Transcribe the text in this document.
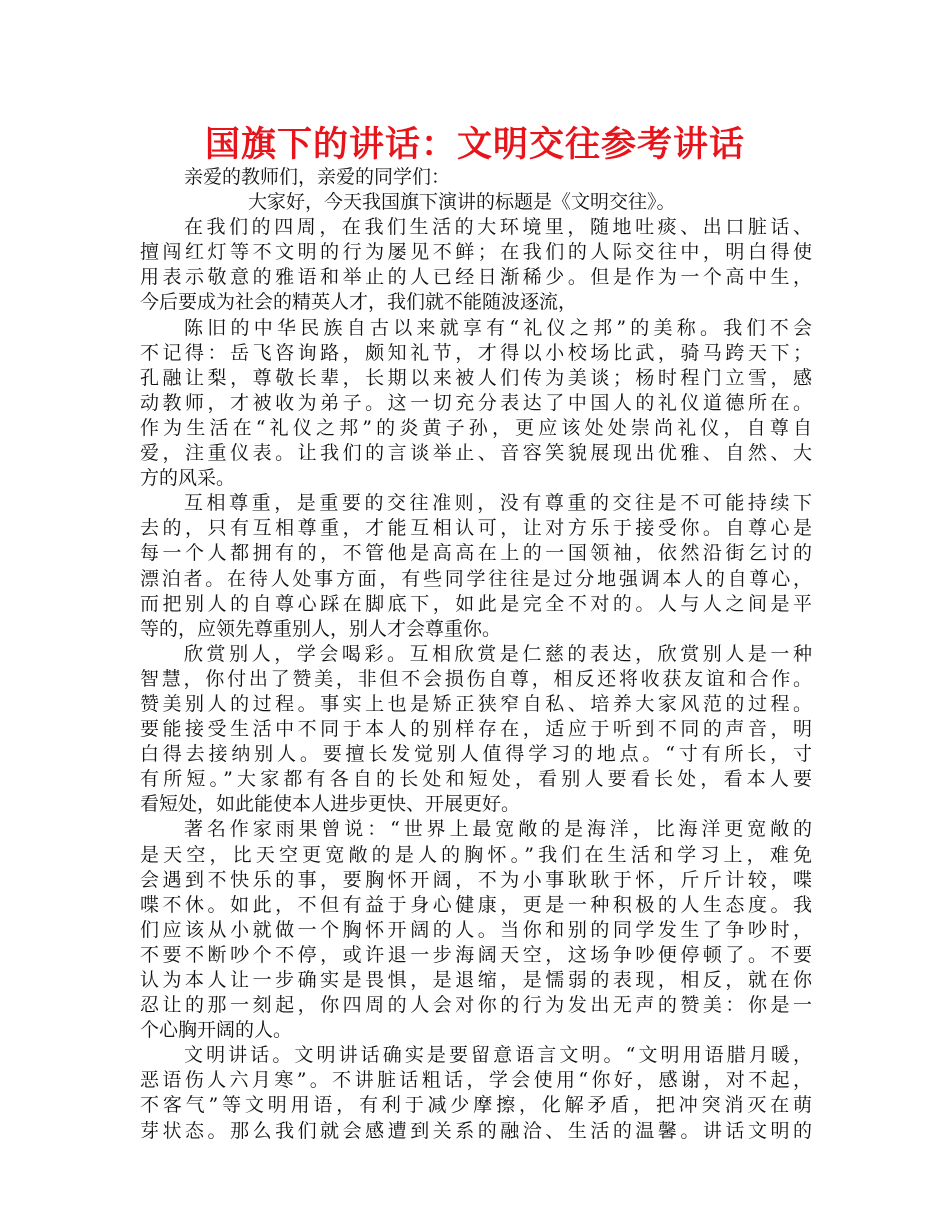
国旗下的讲话：文明交往参考讲话
亲爱的教师们，亲爱的同学们：
大家好，今天我国旗下演讲的标题是《文明交往》。
在我们的四周，在我们生活的大环境里，随地吐痰、出口脏话、
擅闯红灯等不文明的行为屡见不鲜；在我们的人际交往中，明白得使
用表示敬意的雅语和举止的人已经日渐稀少。但是作为一个高中生，
今后要成为社会的精英人才，我们就不能随波逐流，
陈旧的中华民族自古以来就享有“礼仪之邦”的美称。我们不会
不记得：岳飞咨询路，颇知礼节，才得以小校场比武，骑马跨天下；
孔融让梨，尊敬长辈，长期以来被人们传为美谈；杨时程门立雪，感
动教师，才被收为弟子。这一切充分表达了中国人的礼仪道德所在。
作为生活在“礼仪之邦”的炎黄子孙，更应该处处崇尚礼仪，自尊自
爱，注重仪表。让我们的言谈举止、音容笑貌展现出优雅、自然、大
方的风采。
互相尊重，是重要的交往准则，没有尊重的交往是不可能持续下
去的，只有互相尊重，才能互相认可，让对方乐于接受你。自尊心是
每一个人都拥有的，不管他是高高在上的一国领袖，依然沿街乞讨的
漂泊者。在待人处事方面，有些同学往往是过分地强调本人的自尊心，
而把别人的自尊心踩在脚底下，如此是完全不对的。人与人之间是平
等的，应领先尊重别人，别人才会尊重你。
欣赏别人，学会喝彩。互相欣赏是仁慈的表达，欣赏别人是一种
智慧，你付出了赞美，非但不会损伤自尊，相反还将收获友谊和合作。
赞美别人的过程。事实上也是矫正狭窄自私、培养大家风范的过程。
要能接受生活中不同于本人的别样存在，适应于听到不同的声音，明
白得去接纳别人。要擅长发觉别人值得学习的地点。“寸有所长，寸
有所短。”大家都有各自的长处和短处，看别人要看长处，看本人要
看短处，如此能使本人进步更快、开展更好。
著名作家雨果曾说：“世界上最宽敞的是海洋，比海洋更宽敞的
是天空，比天空更宽敞的是人的胸怀。”我们在生活和学习上，难免
会遇到不快乐的事，要胸怀开阔，不为小事耿耿于怀，斤斤计较，喋
喋不休。如此，不但有益于身心健康，更是一种积极的人生态度。我
们应该从小就做一个胸怀开阔的人。当你和别的同学发生了争吵时，
不要不断吵个不停，或许退一步海阔天空，这场争吵便停顿了。不要
认为本人让一步确实是畏惧，是退缩，是懦弱的表现，相反，就在你
忍让的那一刻起，你四周的人会对你的行为发出无声的赞美：你是一
个心胸开阔的人。
文明讲话。文明讲话确实是要留意语言文明。“文明用语腊月暖，
恶语伤人六月寒”。不讲脏话粗话，学会使用“你好，感谢，对不起，
不客气”等文明用语，有利于减少摩擦，化解矛盾，把冲突消灭在萌
芽状态。那么我们就会感遭到关系的融洽、生活的温馨。讲话文明的
